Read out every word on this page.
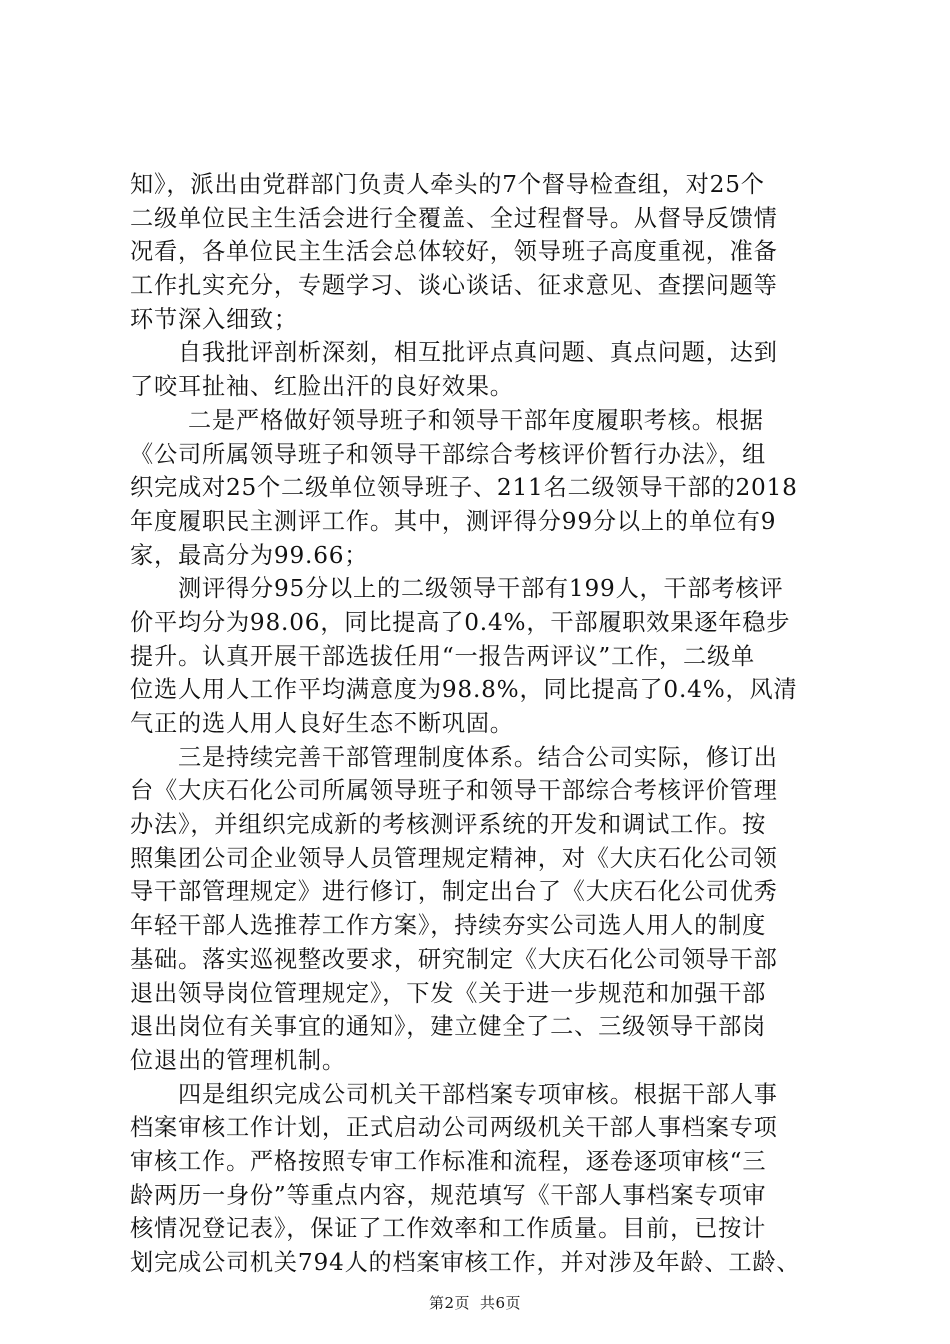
知》，派出由党群部门负责人牵头的7个督导检查组，对25个
二级单位民主生活会进行全覆盖、全过程督导。从督导反馈情
况看，各单位民主生活会总体较好，领导班子高度重视，准备
工作扎实充分，专题学习、谈心谈话、征求意见、查摆问题等
环节深入细致；
自我批评剖析深刻，相互批评点真问题、真点问题，达到
了咬耳扯袖、红脸出汗的良好效果。
二是严格做好领导班子和领导干部年度履职考核。根据
《公司所属领导班子和领导干部综合考核评价暂行办法》，组
织完成对25个二级单位领导班子、211名二级领导干部的2018
年度履职民主测评工作。其中，测评得分99分以上的单位有9
家，最高分为99.66；
测评得分95分以上的二级领导干部有199人，干部考核评
价平均分为98.06，同比提高了0.4%，干部履职效果逐年稳步
提升。认真开展干部选拔任用“一报告两评议”工作，二级单
位选人用人工作平均满意度为98.8%，同比提高了0.4%，风清
气正的选人用人良好生态不断巩固。
三是持续完善干部管理制度体系。结合公司实际，修订出
台《大庆石化公司所属领导班子和领导干部综合考核评价管理
办法》，并组织完成新的考核测评系统的开发和调试工作。按
照集团公司企业领导人员管理规定精神，对《大庆石化公司领
导干部管理规定》进行修订，制定出台了《大庆石化公司优秀
年轻干部人选推荐工作方案》，持续夯实公司选人用人的制度
基础。落实巡视整改要求，研究制定《大庆石化公司领导干部
退出领导岗位管理规定》，下发《关于进一步规范和加强干部
退出岗位有关事宜的通知》，建立健全了二、三级领导干部岗
位退出的管理机制。
四是组织完成公司机关干部档案专项审核。根据干部人事
档案审核工作计划，正式启动公司两级机关干部人事档案专项
审核工作。严格按照专审工作标准和流程，逐卷逐项审核“三
龄两历一身份”等重点内容，规范填写《干部人事档案专项审
核情况登记表》，保证了工作效率和工作质量。目前，已按计
划完成公司机关794人的档案审核工作，并对涉及年龄、工龄、
第2页 共6页
